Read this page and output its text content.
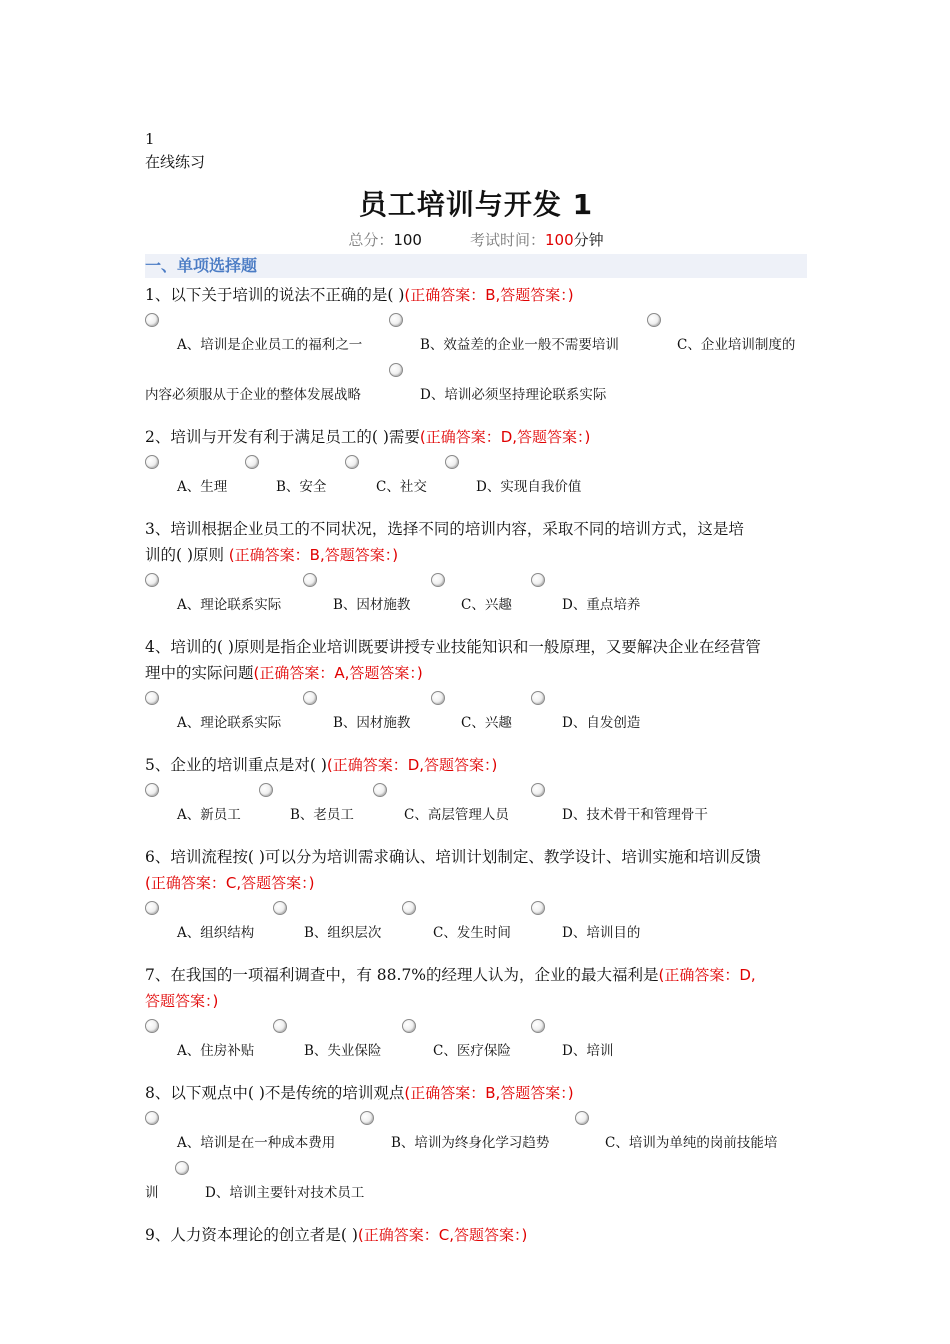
1
在线练习
员工培训与开发 1
总分：100	考试时间：100分钟
一、单项选择题
1、以下关于培训的说法不正确的是( )(正确答案：B,答题答案：)
A、培训是企业员工的福利之一	B、效益差的企业一般不需要培训	C、企业培训制度的
内容必须服从于企业的整体发展战略	D、培训必须坚持理论联系实际
2、培训与开发有利于满足员工的( )需要(正确答案：D,答题答案：)
A、生理	B、安全	C、社交	D、实现自我价值
3、培训根据企业员工的不同状况，选择不同的培训内容，采取不同的培训方式，这是培
训的( )原则 (正确答案：B,答题答案：)
A、理论联系实际	B、因材施教	C、兴趣	D、重点培养
4、培训的( )原则是指企业培训既要讲授专业技能知识和一般原理，又要解决企业在经营管
理中的实际问题(正确答案：A,答题答案：)
A、理论联系实际	B、因材施教	C、兴趣	D、自发创造
5、企业的培训重点是对( )(正确答案：D,答题答案：)
A、新员工	B、老员工	C、高层管理人员	D、技术骨干和管理骨干
6、培训流程按( )可以分为培训需求确认、培训计划制定、教学设计、培训实施和培训反馈
(正确答案：C,答题答案：)
A、组织结构	B、组织层次	C、发生时间	D、培训目的
7、在我国的一项福利调查中，有 88.7%的经理人认为，企业的最大福利是(正确答案：D,
答题答案：)
A、住房补贴	B、失业保险	C、医疗保险	D、培训
8、以下观点中( )不是传统的培训观点(正确答案：B,答题答案：)
A、培训是在一种成本费用	B、培训为终身化学习趋势	C、培训为单纯的岗前技能培
训	D、培训主要针对技术员工
9、人力资本理论的创立者是( )(正确答案：C,答题答案：)
